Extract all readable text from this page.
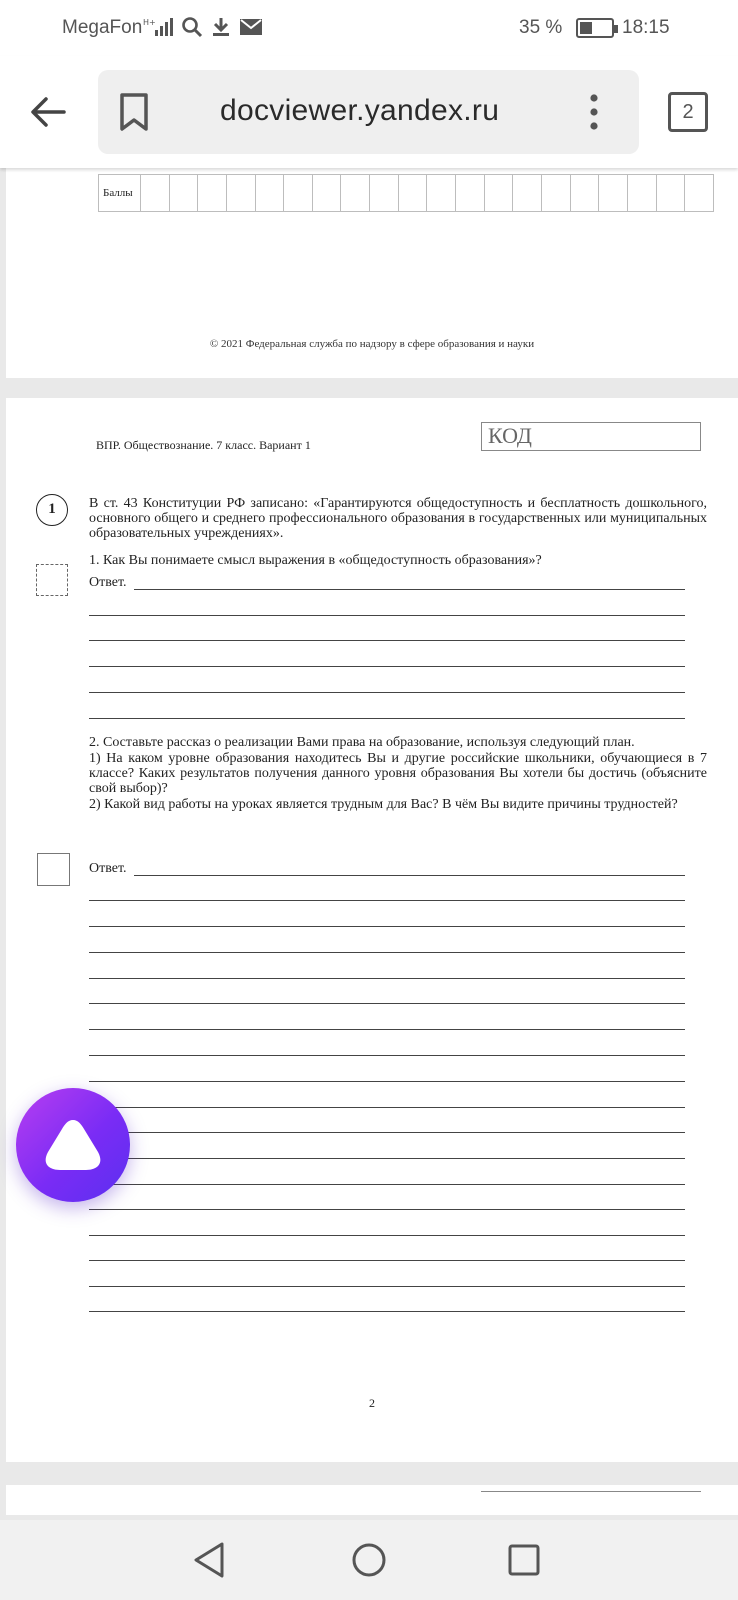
MegaFon H+	35 %	18:15
docviewer.yandex.ru	2
Баллы																				
© 2021 Федеральная служба по надзору в сфере образования и науки
ВПР. Обществознание. 7 класс. Вариант 1	КОД
1	В ст. 43 Конституции РФ записано: «Гарантируются общедоступность и бесплатность дошкольного, основного общего и среднего профессионального образования в государственных или муниципальных образовательных учреждениях».
1. Как Вы понимаете смысл выражения в «общедоступность образования»?
Ответ.

2. Составьте рассказ о реализации Вами права на образование, используя следующий план.

1) На каком уровне образования находитесь Вы и другие российские школьники, обучающиеся в 7 классе? Каких результатов получения данного уровня образования Вы хотели бы достичь (объясните свой выбор)?

2) Какой вид работы на уроках является трудным для Вас? В чём Вы видите причины трудностей?

Ответ.
2
